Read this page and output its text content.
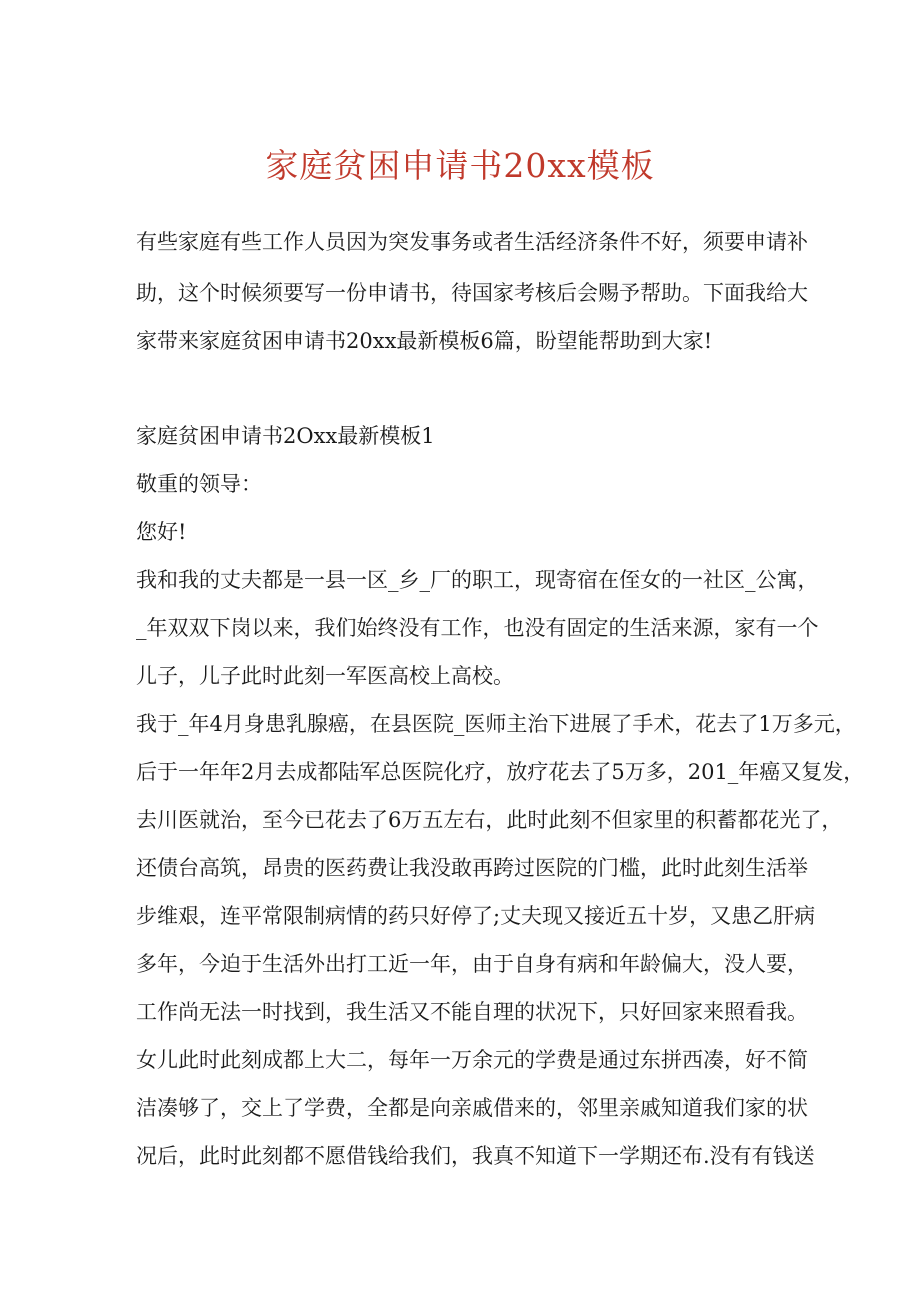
家庭贫困申请书20xx模板
有些家庭有些工作人员因为突发事务或者生活经济条件不好，须要申请补
助，这个时候须要写一份申请书，待国家考核后会赐予帮助。下面我给大
家带来家庭贫困申请书20xx最新模板6篇，盼望能帮助到大家!
家庭贫困申请书2Oxx最新模板1
敬重的领导：
您好!
我和我的丈夫都是一县一区_乡_厂的职工，现寄宿在侄女的一社区_公寓，
_年双双下岗以来，我们始终没有工作，也没有固定的生活来源，家有一个
儿子，儿子此时此刻一军医高校上高校。
我于_年4月身患乳腺癌，在县医院_医师主治下进展了手术，花去了1万多元，
后于一年年2月去成都陆军总医院化疗，放疗花去了5万多，201_年癌又复发，
去川医就治，至今已花去了6万五左右，此时此刻不但家里的积蓄都花光了，
还债台高筑，昂贵的医药费让我没敢再跨过医院的门槛，此时此刻生活举
步维艰，连平常限制病情的药只好停了;丈夫现又接近五十岁，又患乙肝病
多年，今迫于生活外出打工近一年，由于自身有病和年龄偏大，没人要，
工作尚无法一时找到，我生活又不能自理的状况下，只好回家来照看我。
女儿此时此刻成都上大二，每年一万余元的学费是通过东拼西凑，好不简
洁凑够了，交上了学费，全都是向亲戚借来的，邻里亲戚知道我们家的状
况后，此时此刻都不愿借钱给我们，我真不知道下一学期还布.没有有钱送
